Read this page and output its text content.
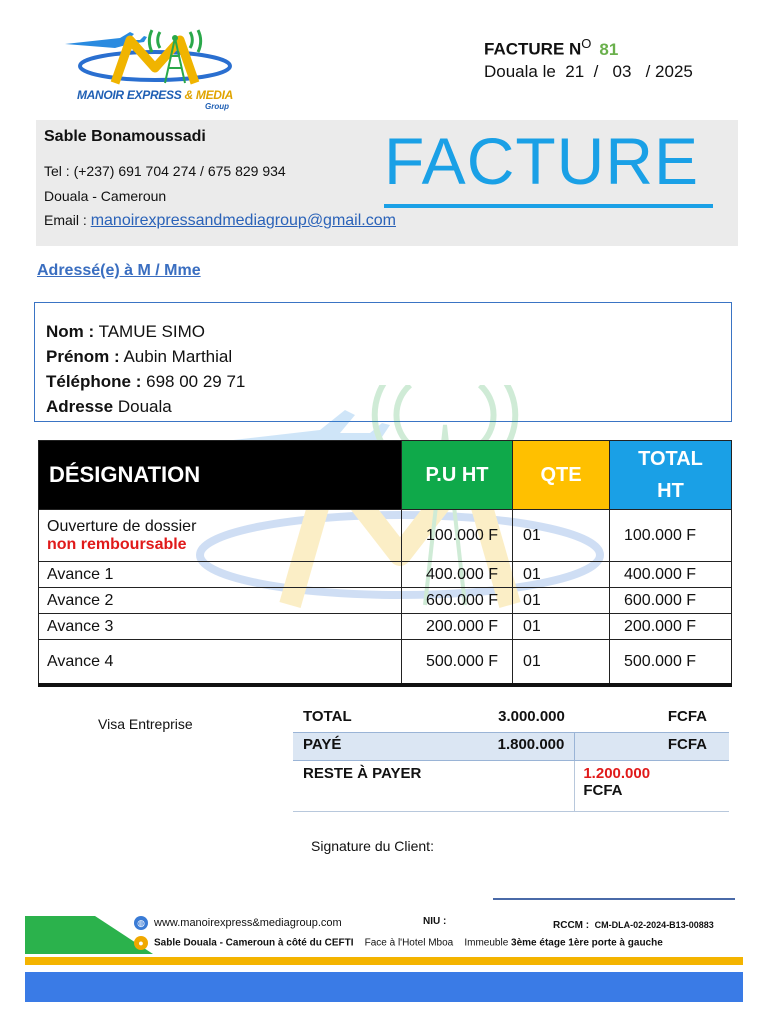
MANOIR EXPRESS & MEDIA
Group
FACTURE $N^O$ 81
Douala le  21  /   03   / 2025
Sable Bonamoussadi
Tel : (+237) 691 704 274 / 675 829 934
Douala - Cameroun
Email : manoirexpressandmediagroup@gmail.com
FACTURE
Adressé(e) à M / Mme
Nom : TAMUE SIMO
Prénom : Aubin Marthial
Téléphone : 698 00 29 71
Adresse Douala
DÉSIGNATION	P.U HT	QTE	TOTAL
HT
Ouverture de dossier
non remboursable	100.000 F	01	100.000 F
Avance 1	400.000 F	01	400.000 F
Avance 2	600.000 F	01	600.000 F
Avance 3	200.000 F	01	200.000 F
Avance 4	500.000 F	01	500.000 F
Visa Entreprise	TOTAL	3.000.000	FCFA
PAYÉ	1.800.000	FCFA
RESTE À PAYER		1.200.000
FCFA
Signature du Client:
◍ www.manoirexpress&mediagroup.com
● Sable Douala - Cameroun à côté du CEFTI Face à l'Hotel Mboa Immeuble 3ème étage 1ère porte à gauche
NIU :	RCCM : CM-DLA-02-2024-B13-00883
